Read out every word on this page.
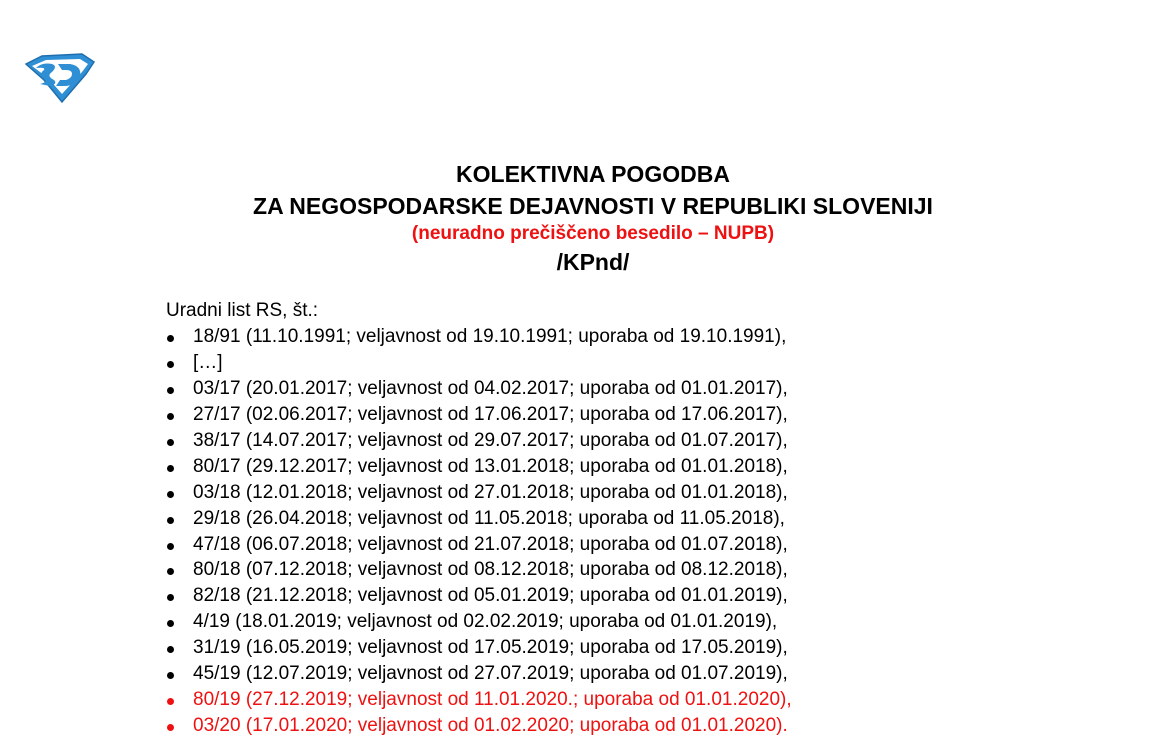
KOLEKTIVNA POGODBA
ZA NEGOSPODARSKE DEJAVNOSTI V REPUBLIKI SLOVENIJI
(neuradno prečiščeno besedilo – NUPB)
/KPnd/
Uradni list RS, št.:
18/91 (11.10.1991; veljavnost od 19.10.1991; uporaba od 19.10.1991),
[…]
03/17 (20.01.2017; veljavnost od 04.02.2017; uporaba od 01.01.2017),
27/17 (02.06.2017; veljavnost od 17.06.2017; uporaba od 17.06.2017),
38/17 (14.07.2017; veljavnost od 29.07.2017; uporaba od 01.07.2017),
80/17 (29.12.2017; veljavnost od 13.01.2018; uporaba od 01.01.2018),
03/18 (12.01.2018; veljavnost od 27.01.2018; uporaba od 01.01.2018),
29/18 (26.04.2018; veljavnost od 11.05.2018; uporaba od 11.05.2018),
47/18 (06.07.2018; veljavnost od 21.07.2018; uporaba od 01.07.2018),
80/18 (07.12.2018; veljavnost od 08.12.2018; uporaba od 08.12.2018),
82/18 (21.12.2018; veljavnost od 05.01.2019; uporaba od 01.01.2019),
4/19 (18.01.2019; veljavnost od 02.02.2019; uporaba od 01.01.2019),
31/19 (16.05.2019; veljavnost od 17.05.2019; uporaba od 17.05.2019),
45/19 (12.07.2019; veljavnost od 27.07.2019; uporaba od 01.07.2019),
80/19 (27.12.2019; veljavnost od 11.01.2020.; uporaba od 01.01.2020),
03/20 (17.01.2020; veljavnost od 01.02.2020; uporaba od 01.01.2020).
